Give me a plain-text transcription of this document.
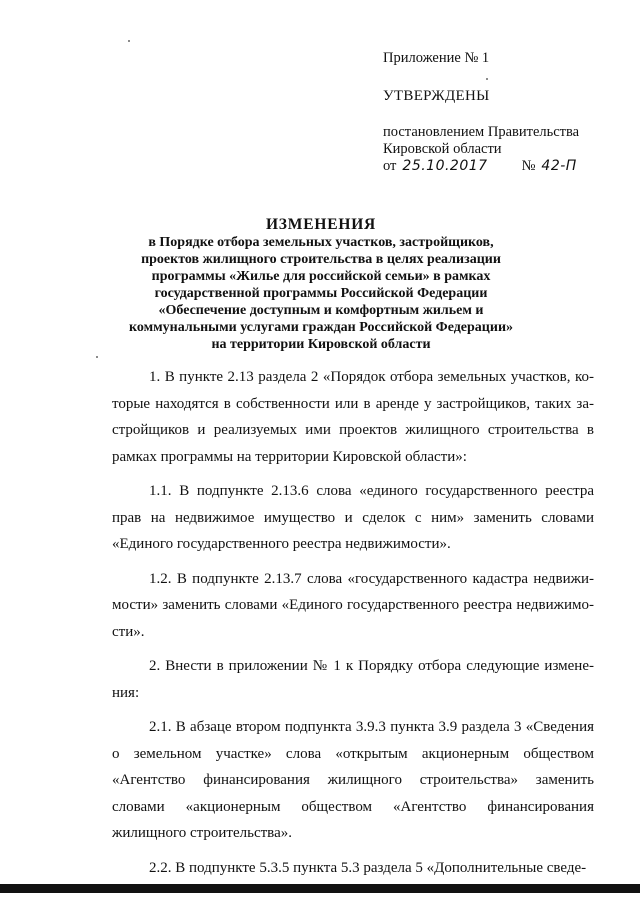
Приложение № 1

УТВЕРЖДЕНЫ

постановлением Правительства

Кировской области

от 25.10.2017 № 42-П
ИЗМЕНЕНИЯ
в Порядке отбора земельных участков, застройщиков, проектов жилищного строительства в целях реализации программы «Жилье для российской семьи» в рамках государственной программы Российской Федерации «Обеспечение доступным и комфортным жильем и коммунальными услугами граждан Российской Федерации» на территории Кировской области

1. В пункте 2.13 раздела 2 «Порядок отбора земельных участков, которые находятся в собственности или в аренде у застройщиков, таких застройщиков и реализуемых ими проектов жилищного строительства в рамках программы на территории Кировской области»:

1.1. В подпункте 2.13.6 слова «единого государственного реестра прав на недвижимое имущество и сделок с ним» заменить словами «Единого государственного реестра недвижимости».

1.2. В подпункте 2.13.7 слова «государственного кадастра недвижимости» заменить словами «Единого государственного реестра недвижимости».

2. Внести в приложении № 1 к Порядку отбора следующие изменения:

2.1. В абзаце втором подпункта 3.9.3 пункта 3.9 раздела 3 «Сведения о земельном участке» слова «открытым акционерным обществом «Агентство финансирования жилищного строительства» заменить словами «акционерным обществом «Агентство финансирования жилищного строительства».

2.2. В подпункте 5.3.5 пункта 5.3 раздела 5 «Дополнительные сведе-
